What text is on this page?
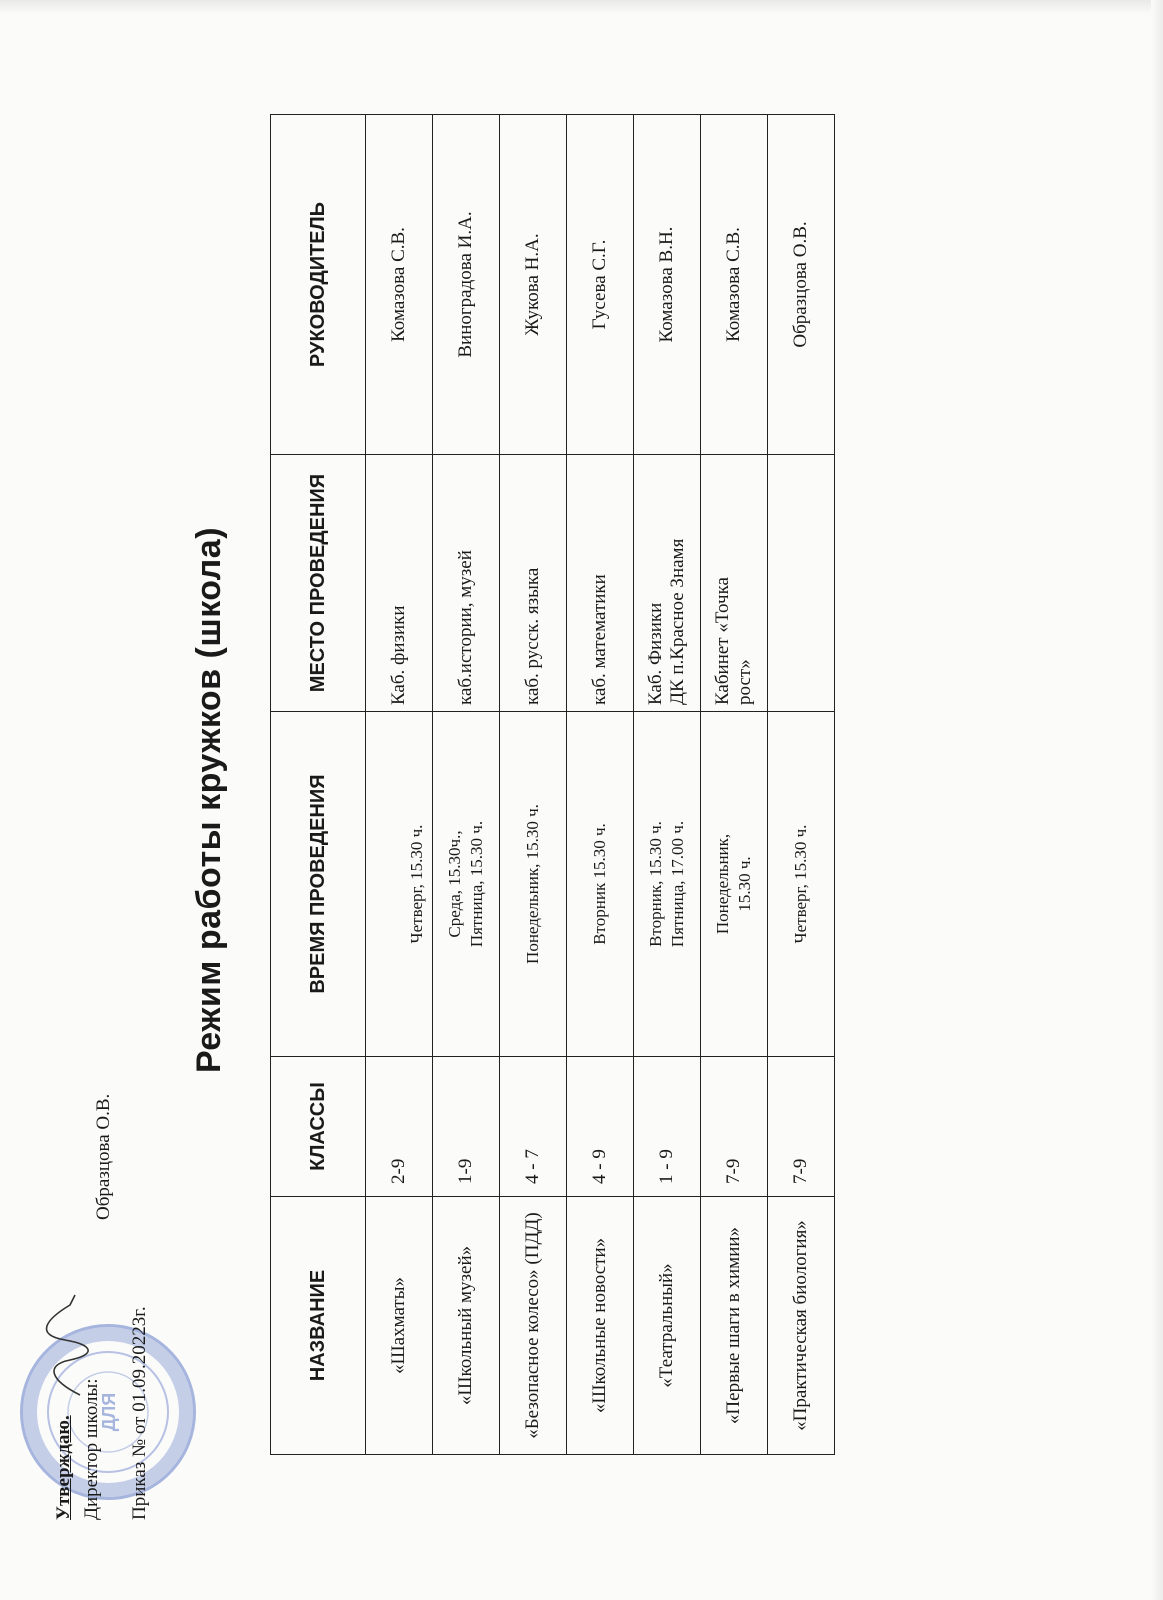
ДЛЯ
Утверждаю. Директор школы: Приказ № от 01.09.20223г.
Образцова О.В.
Режим работы кружков (школа)
НАЗВАНИЕ	КЛАССЫ	ВРЕМЯ ПРОВЕДЕНИЯ	МЕСТО ПРОВЕДЕНИЯ	РУКОВОДИТЕЛЬ
«Шахматы»	2-9	Четверг, 15.30 ч.	Каб. физики	Комазова С.В.
«Школьный музей»	1-9	Среда, 15.30ч., Пятница, 15.30 ч.	каб.истории, музей	Виноградова И.А.
«Безопасное колесо» (ПДД)	4 - 7	Понедельник, 15.30 ч.	каб. русск. языка	Жукова Н.А.
«Школьные новости»	4 - 9	Вторник 15.30 ч.	каб. математики	Гусева С.Г.
«Театральный»	1 - 9	Вторник, 15.30 ч. Пятница, 17.00 ч.	Каб. Физики ДК п.Красное Знамя	Комазова В.Н.
«Первые шаги в химии»	7-9	Понедельник, 15.30 ч.	Кабинет «Точка рост»	Комазова С.В.
«Практическая биология»	7-9	Четверг, 15.30 ч.		Образцова О.В.
